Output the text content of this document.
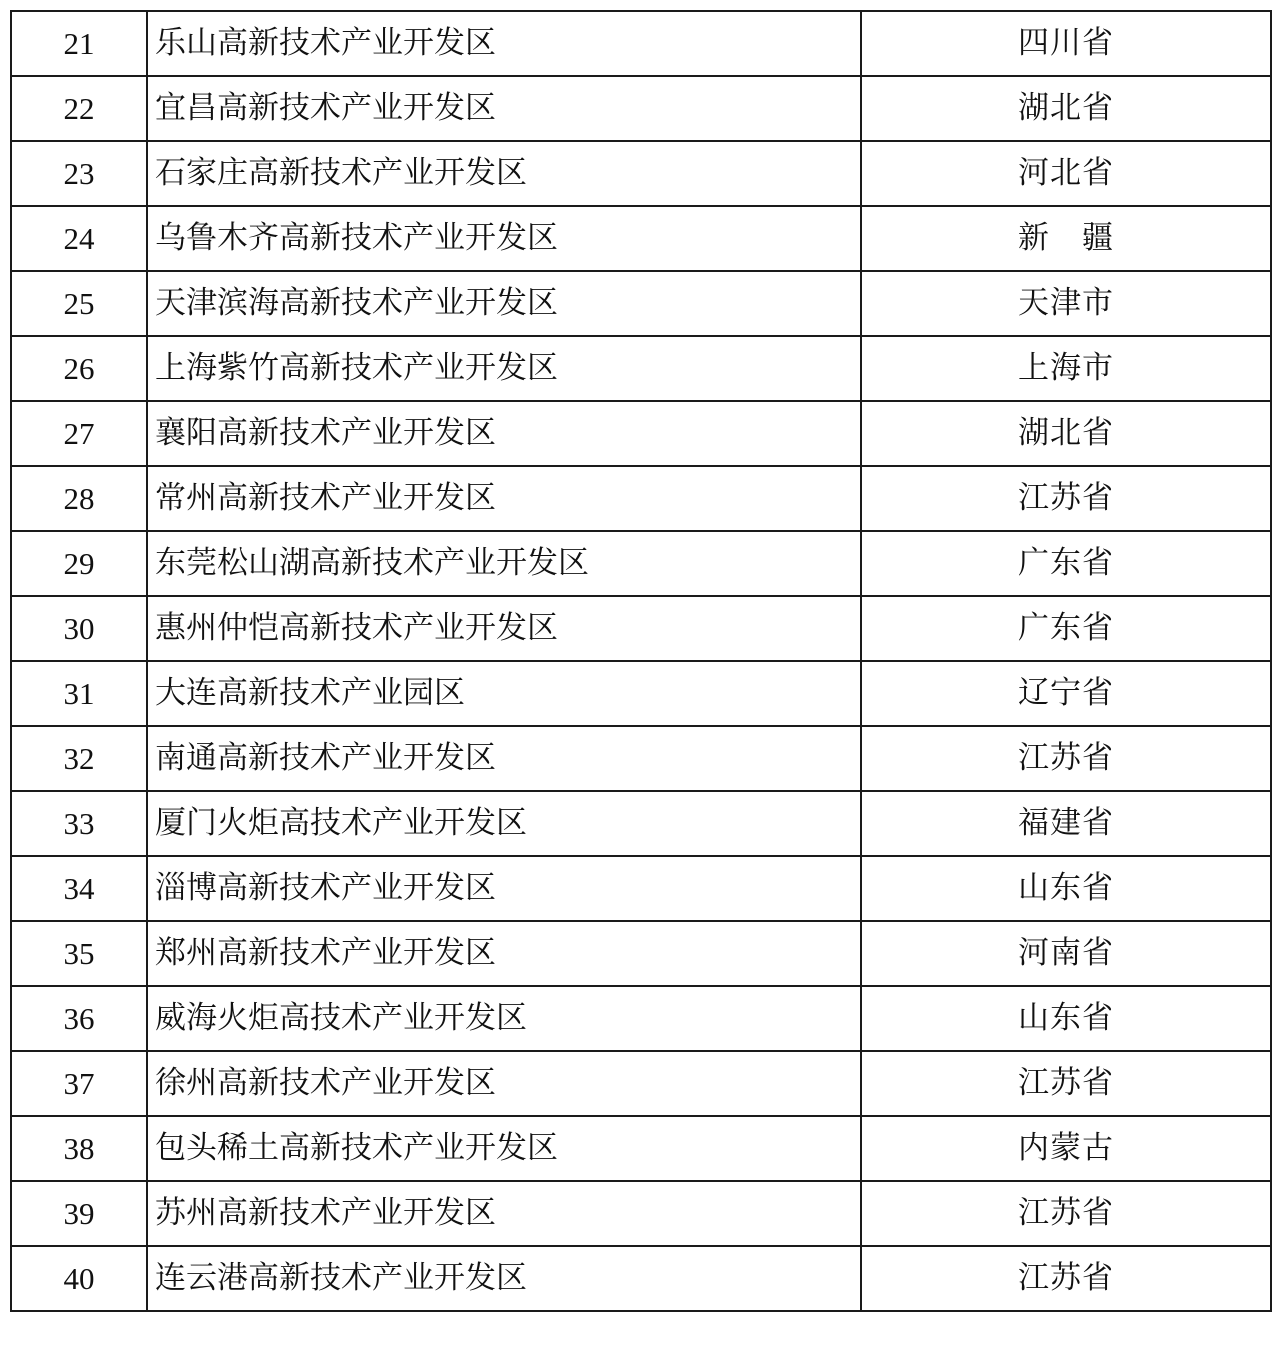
21	乐山高新技术产业开发区	四川省
22	宜昌高新技术产业开发区	湖北省
23	石家庄高新技术产业开发区	河北省
24	乌鲁木齐高新技术产业开发区	新　疆
25	天津滨海高新技术产业开发区	天津市
26	上海紫竹高新技术产业开发区	上海市
27	襄阳高新技术产业开发区	湖北省
28	常州高新技术产业开发区	江苏省
29	东莞松山湖高新技术产业开发区	广东省
30	惠州仲恺高新技术产业开发区	广东省
31	大连高新技术产业园区	辽宁省
32	南通高新技术产业开发区	江苏省
33	厦门火炬高技术产业开发区	福建省
34	淄博高新技术产业开发区	山东省
35	郑州高新技术产业开发区	河南省
36	威海火炬高技术产业开发区	山东省
37	徐州高新技术产业开发区	江苏省
38	包头稀土高新技术产业开发区	内蒙古
39	苏州高新技术产业开发区	江苏省
40	连云港高新技术产业开发区	江苏省
